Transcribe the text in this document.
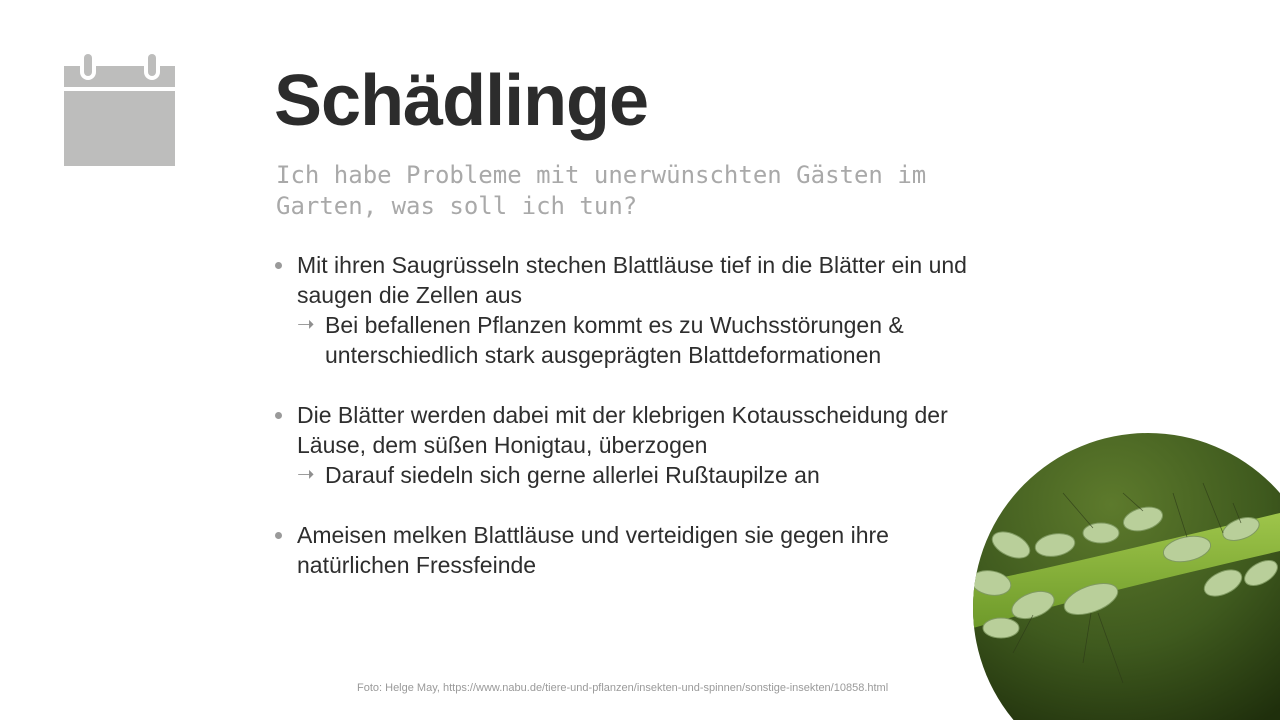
Schädlinge

Ich habe Probleme mit unerwünschten Gästen im Garten, was soll ich tun?

Mit ihren Saugrüsseln stechen Blattläuse tief in die Blätter ein und saugen die Zellen aus
➝ Bei befallenen Pflanzen kommt es zu Wuchsstörungen & unterschiedlich stark ausgeprägten Blattdeformationen
Die Blätter werden dabei mit der klebrigen Kotausscheidung der Läuse, dem süßen Honigtau, überzogen
➝ Darauf siedeln sich gerne allerlei Rußtaupilze an
Ameisen melken Blattläuse und verteidigen sie gegen ihre natürlichen Fressfeinde
Foto: Helge May, https://www.nabu.de/tiere-und-pflanzen/insekten-und-spinnen/sonstige-insekten/10858.html
